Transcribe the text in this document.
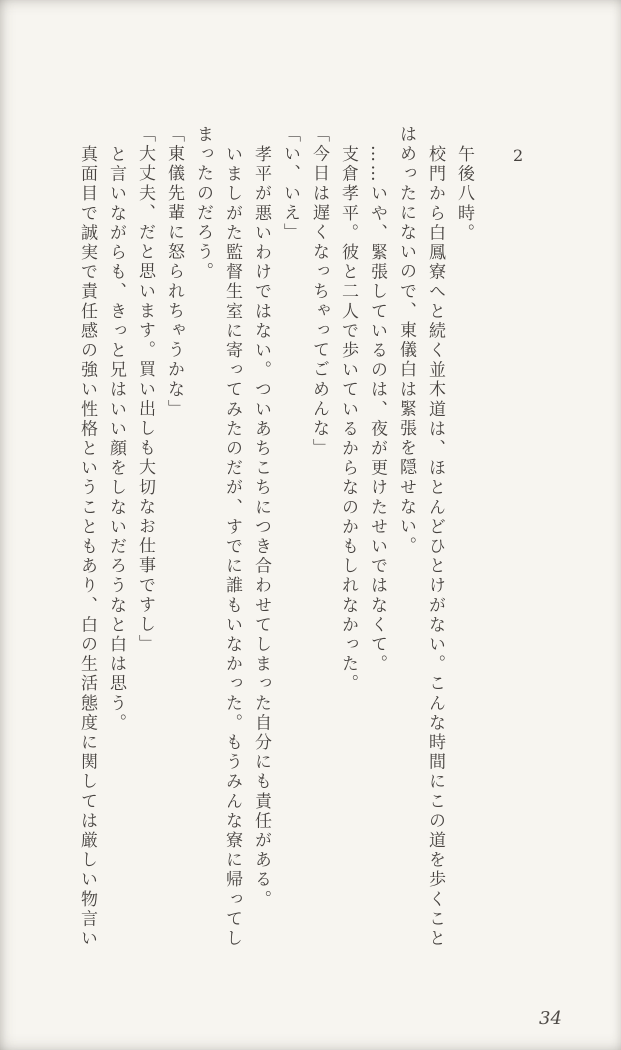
2

午後八時。

校門から白鳳寮へと続く並木道は、ほとんどひとけがない。こんな時間にこの道を歩くことはめったにないので、東儀白は緊張を隠せない。

……いや、緊張しているのは、夜が更けたせいではなくて。

支倉孝平。彼と二人で歩いているからなのかもしれなかった。

「今日は遅くなっちゃってごめんな」

「い、いえ」

孝平が悪いわけではない。ついあちこちにつき合わせてしまった自分にも責任がある。

いましがた監督生室に寄ってみたのだが、すでに誰もいなかった。もうみんな寮に帰ってしまったのだろう。

「東儀先輩に怒られちゃうかな」

「大丈夫、だと思います。買い出しも大切なお仕事ですし」

と言いながらも、きっと兄はいい顔をしないだろうなと白は思う。

真面目で誠実で責任感の強い性格ということもあり、白の生活態度に関しては厳しい物言い

34
